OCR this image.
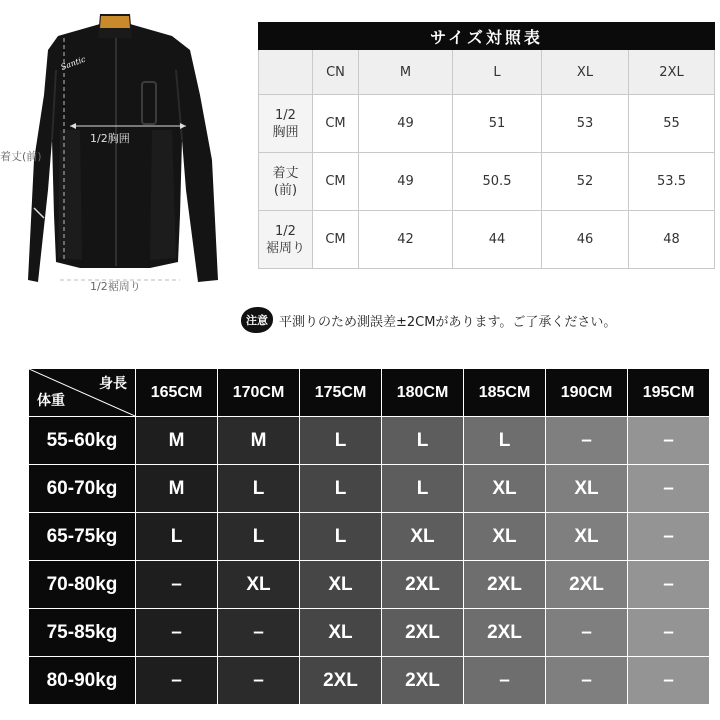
Santic
1/2胸囲
着丈(前)
1/2裾周り
サイズ対照表					
	CN	M	L	XL	2XL

1/2
胸囲	CM	49	51	53	55

着丈
(前)	CM	49	50.5	52	53.5

1/2
裾周り	CM	42	44	46	48
注意 平測りのため測誤差±2CMがあります。ご了承ください。
身長
体重	165CM	170CM	175CM	180CM	185CM	190CM	195CM
55-60kg	M	M	L	L	L	–	–
60-70kg	M	L	L	L	XL	XL	–
65-75kg	L	L	L	XL	XL	XL	–
70-80kg	–	XL	XL	2XL	2XL	2XL	–
75-85kg	–	–	XL	2XL	2XL	–	–
80-90kg	–	–	2XL	2XL	–	–	–
